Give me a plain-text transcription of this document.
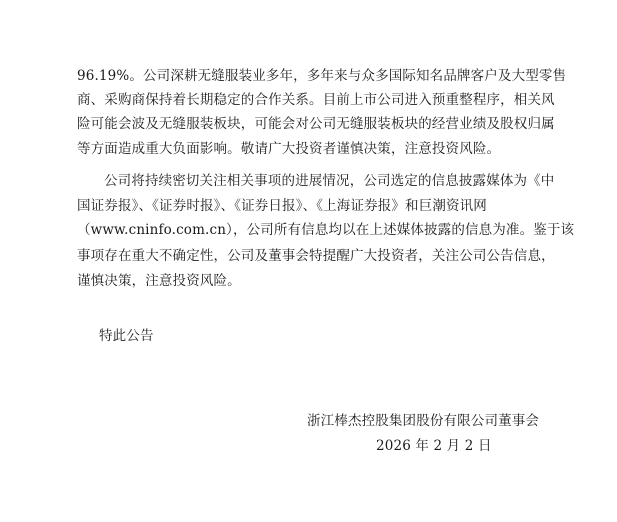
96.19%。公司深耕无缝服装业多年，多年来与众多国际知名品牌客户及大型零售
商、采购商保持着长期稳定的合作关系。目前上市公司进入预重整程序，相关风
险可能会波及无缝服装板块，可能会对公司无缝服装板块的经营业绩及股权归属
等方面造成重大负面影响。敬请广大投资者谨慎决策，注意投资风险。
公司将持续密切关注相关事项的进展情况，公司选定的信息披露媒体为《中
国证券报》、《证券时报》、《证券日报》、《上海证券报》和巨潮资讯网
（www.cninfo.com.cn），公司所有信息均以在上述媒体披露的信息为准。鉴于该
事项存在重大不确定性，公司及董事会特提醒广大投资者，关注公司公告信息，
谨慎决策，注意投资风险。
特此公告
浙江棒杰控股集团股份有限公司董事会
2026 年 2 月 2 日
